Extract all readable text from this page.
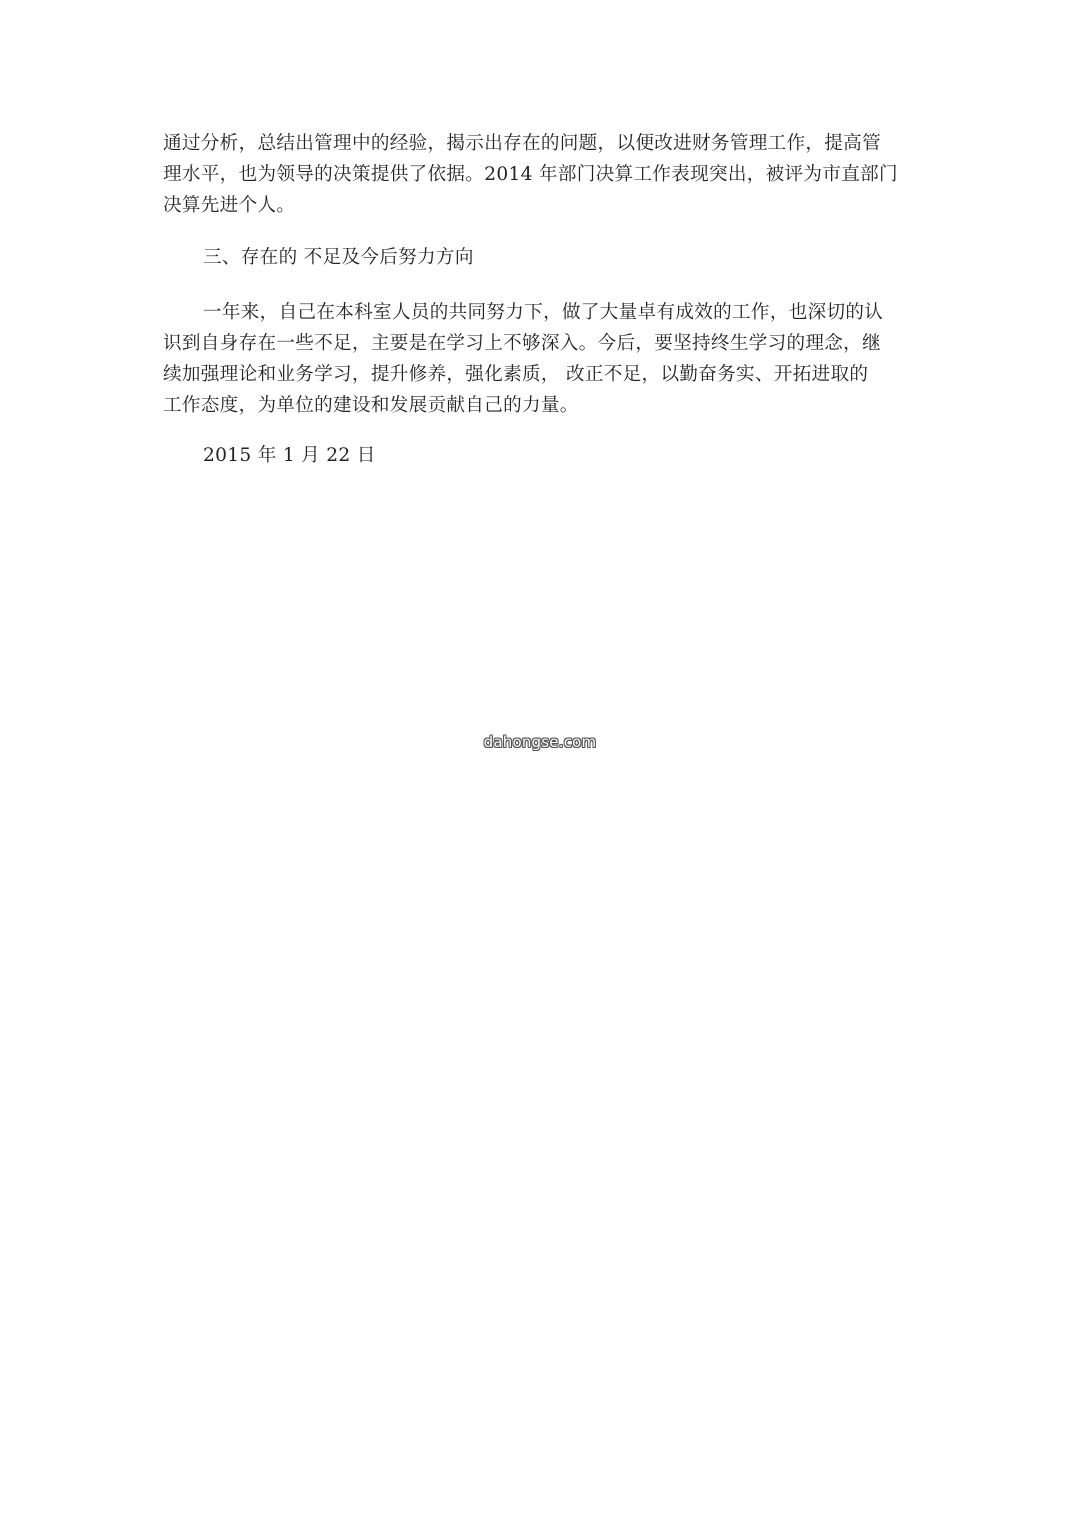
通过分析，总结出管理中的经验，揭示出存在的问题，以便改进财务管理工作，提高管
理水平，也为领导的决策提供了依据。2014 年部门决算工作表现突出，被评为市直部门
决算先进个人。
三、存在的 不足及今后努力方向
一年来，自己在本科室人员的共同努力下，做了大量卓有成效的工作，也深切的认
识到自身存在一些不足，主要是在学习上不够深入。今后，要坚持终生学习的理念，继
续加强理论和业务学习，提升修养，强化素质， 改正不足，以勤奋务实、开拓进取的
工作态度，为单位的建设和发展贡献自己的力量。
2015 年 1 月 22 日
dahongse.com
